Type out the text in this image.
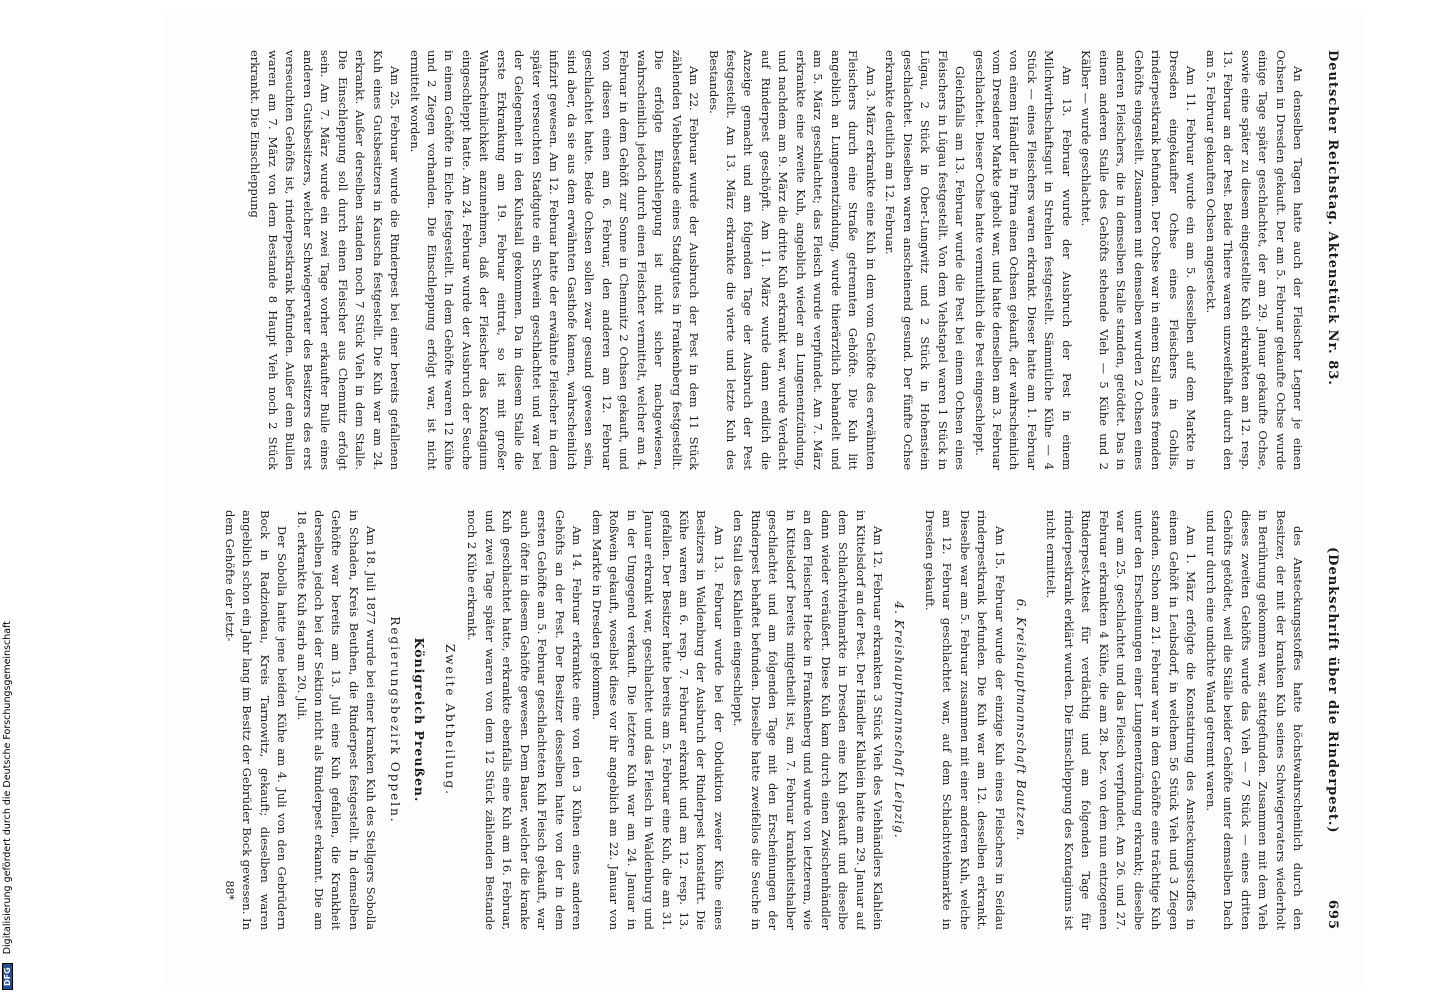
Deutscher Reichstag. Aktenstück Nr. 83.
(Denkschrift über die Rinderpest.)            695

An denselben Tagen hatte auch der Fleischer Legner je einen Ochsen in Dresden gekauft. Der am 5. Februar gekaufte Ochse wurde einige Tage später geschlachtet, der am 29. Januar gekaufte Ochse, sowie eine später zu diesem eingestellte Kuh erkrankten am 12. resp. 13. Februar an der Pest. Beide Thiere waren unzweifelhaft durch den am 5. Februar gekauften Ochsen angesteckt.

Am 11. Februar wurde ein am 5. desselben auf dem Markte in Dresden eingekaufter Ochse eines Fleischers in Gohlis, rinderpestkrank befunden. Der Ochse war in einem Stall eines fremden Gehöfts eingestellt. Zusammen mit demselben wurden 2 Ochsen eines anderen Fleischers, die in demselben Stalle standen, getödtet. Das in einem anderen Stalle des Gehöfts stehende Vieh — 5 Kühe und 2 Kälber — wurde geschlachtet.

Am 13. Februar wurde der Ausbruch der Pest in einem Milchwirthschaftsgut in Strehlen festgestellt. Sämmtliche Kühe — 4 Stück — eines Fleischers waren erkrankt. Dieser hatte am 1. Februar von einem Händler in Pirna einen Ochsen gekauft, der wahrscheinlich vom Dresdener Markte geholt war, und hatte denselben am 3. Februar geschlachtet. Dieser Ochse hatte vermuthlich die Pest eingeschleppt.

Gleichfalls am 13. Februar wurde die Pest bei einem Ochsen eines Fleischers in Lügau festgestellt. Von dem Viehstapel waren 1 Stück in Lügau, 2 Stück in Ober-Lungwitz und 2 Stück in Hohenstein geschlachtet. Dieselben waren anscheinend gesund. Der fünfte Ochse erkrankte deutlich am 12. Februar.

Am 3. März erkrankte eine Kuh in dem vom Gehöfte des erwähnten Fleischers durch eine Straße getrennten Gehöfte. Die Kuh litt angeblich an Lungenentzündung, wurde thierärztlich behandelt und am 5. März geschlachtet; das Fleisch wurde verpfundet. Am 7. März erkrankte eine zweite Kuh, angeblich wieder an Lungenentzündung, und nachdem am 9. März die dritte Kuh erkrankt war, wurde Verdacht auf Rinderpest geschöpft. Am 11. März wurde dann endlich die Anzeige gemacht und am folgenden Tage der Ausbruch der Pest festgestellt. Am 13. März erkrankte die vierte und letzte Kuh des Bestandes.

Am 22. Februar wurde der Ausbruch der Pest in dem 11 Stück zählenden Viehbestande eines Stadtgutes in Frankenberg festgestellt. Die erfolgte Einschleppung ist nicht sicher nachgewiesen, wahrscheinlich jedoch durch einen Fleischer vermittelt, welcher am 4. Februar in dem Gehöft zur Sonne in Chemnitz 2 Ochsen gekauft, und von diesen einen am 6. Februar, den anderen am 12. Februar geschlachtet hatte. Beide Ochsen sollen zwar gesund gewesen sein, sind aber, da sie aus dem erwähnten Gasthofe kamen, wahrscheinlich infizirt gewesen. Am 12. Februar hatte der erwähnte Fleischer in dem später verseuchten Stadtgute ein Schwein geschlachtet und war bei der Gelegenheit in den Kuhstall gekommen. Da in diesem Stalle die erste Erkrankung am 19. Februar eintrat, so ist mit großer Wahrscheinlichkeit anzunehmen, daß der Fleischer das Kontagium eingeschleppt hatte. Am 24. Februar wurde der Ausbruch der Seuche in einem Gehöfte in Eiche festgestellt. In dem Gehöfte waren 12 Kühe und 2 Ziegen vorhanden. Die Einschleppung erfolgt war, ist nicht ermittelt worden.

Am 25. Februar wurde die Rinderpest bei einer bereits gefallenen Kuh eines Gutsbesitzers in Kauscha festgestellt. Die Kuh war am 24. erkrankt. Außer derselben standen noch 7 Stück Vieh in dem Stalle. Die Einschleppung soll durch einen Fleischer aus Chemnitz erfolgt sein. Am 7. März wurde ein zwei Tage vorher erkaufter Bulle eines anderen Gutsbesitzers, welcher Schwiegervater des Besitzers des erst verseuchten Gehöfts ist, rinderpestkrank befunden. Außer dem Bullen waren am 7. März von dem Bestande 8 Haupt Vieh noch 2 Stück erkrankt. Die Einschleppung

des Ansteckungsstoffes hatte höchstwahrscheinlich durch den Besitzer, der mit der kranken Kuh seines Schwiegervaters wiederholt in Berührung gekommen war, stattgefunden. Zusammen mit dem Vieh dieses zweiten Gehöfts wurde das Vieh — 7 Stück — eines dritten Gehöfts getödtet, weil die Ställe beider Gehöfte unter demselben Dach und nur durch eine undichte Wand getrennt waren.

Am 1. März erfolgte die Konstatirung des Ansteckungsstoffes in einem Gehöft in Leubsdorf, in welchem 56 Stück Vieh und 3 Ziegen standen. Schon am 21. Februar war in dem Gehöfte eine trächtige Kuh unter den Erscheinungen einer Lungenentzündung erkrankt; dieselbe war am 25. geschlachtet und das Fleisch verpfundet. Am 26. und 27. Februar erkrankten 4 Kühe, die am 28. bez. von dem nun entzogenen Rinderpest-Attest für verdächtig und am folgenden Tage für rinderpestkrank erklärt wurden. Die Einschleppung des Kontagiums ist nicht ermittelt.

6. Kreishauptmannschaft Bautzen.

Am 15. Februar wurde der einzige Kuh eines Fleischers in Seidau rinderpestkrank befunden. Die Kuh war am 12. desselben erkrankt. Dieselbe war am 5. Februar zusammen mit einer anderen Kuh, welche am 12. Februar geschlachtet war, auf dem Schlachtviehmarkte in Dresden gekauft.

4. Kreishauptmannschaft Leipzig.

Am 12. Februar erkrankten 3 Stück Vieh des Viehhändlers Klahlein in Kittelsdorf an der Pest. Der Händler Klahlein hatte am 29. Januar auf dem Schlachtviehmarkte in Dresden eine Kuh gekauft und dieselbe dann wieder veräußert. Diese Kuh kam durch einen Zwischenhändler an den Fleischer Hecke in Frankenberg und wurde von letzterem, wie in Kittelsdorf bereits mitgetheilt ist, am 7. Februar krankheitshalber geschlachtet und am folgenden Tage mit den Erscheinungen der Rinderpest behaftet befunden. Dieselbe hatte zweifellos die Seuche in den Stall des Klahlein eingeschleppt.

Am 13. Februar wurde bei der Obduktion zweier Kühe eines Besitzers in Waldenburg der Ausbruch der Rinderpest konstatirt. Die Kühe waren am 6. resp. 7. Februar erkrankt und am 12. resp. 13. gefallen. Der Besitzer hatte bereits am 5. Februar eine Kuh, die am 31. Januar erkrankt war, geschlachtet und das Fleisch in Waldenburg und in der Umgegend verkauft. Die letztere Kuh war am 24. Januar in Roßwein gekauft, woselbst diese vor ihr angeblich am 22. Januar von dem Markte in Dresden gekommen.

Am 14. Februar erkrankte eine von den 3 Kühen eines anderen Gehöfts an der Pest. Der Besitzer desselben hatte von der in dem ersten Gehöfte am 5. Februar geschlachteten Kuh Fleisch gekauft, war auch öfter in diesem Gehöfte gewesen. Dem Bauer, welcher die kranke Kuh geschlachtet hatte, erkrankte ebenfalls eine Kuh am 16. Februar, und zwei Tage später waren von dem 12 Stück zählenden Bestande noch 2 Kühe erkrankt.

Zweite Abtheilung.
Königreich Preußen.
Regierungsbezirk Oppeln.

Am 18. Juli 1877 wurde bei einer kranken Kuh des Stellgers Sobolla in Schaden, Kreis Beuthen, die Rinderpest festgestellt. In demselben Gehöfte war bereits am 13. Juli eine Kuh gefallen, die Krankheit derselben jedoch bei der Sektion nicht als Rinderpest erkannt. Die am 18. erkrankte Kuh starb am 20. Juli.

Der Sobolla hatte jene beiden Kühe am 4. Juli von den Gebrüdern Bock in Radzionkau, Kreis Tarnowitz, gekauft; dieselben waren angeblich schon ein Jahr lang im Besitz der Gebrüder Bock gewesen. In dem Gehöfte der letzt-

88*
DFG Digitalisierung gefördert durch die Deutsche Forschungsgemeinschaft
